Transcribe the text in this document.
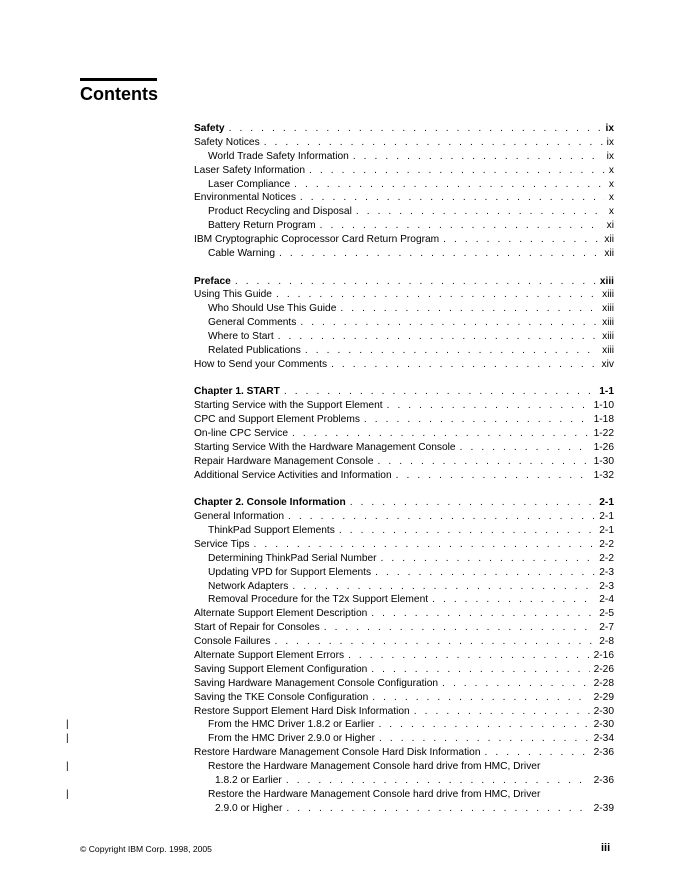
Contents
Safety . . .	ix
Safety Notices . . .	ix
World Trade Safety Information . . .	ix
Laser Safety Information . . .	x
Laser Compliance . . .	x
Environmental Notices . . .	x
Product Recycling and Disposal . . .	x
Battery Return Program . . .	xi
IBM Cryptographic Coprocessor Card Return Program . . .	xii
Cable Warning . . .	xii
Preface . . .	xiii
Using This Guide . . .	xiii
Who Should Use This Guide . . .	xiii
General Comments . . .	xiii
Where to Start . . .	xiii
Related Publications . . .	xiii
How to Send your Comments . . .	xiv
Chapter 1. START . . .	1-1
Starting Service with the Support Element . . .	1-10
CPC and Support Element Problems . . .	1-18
On-line CPC Service . . .	1-22
Starting Service With the Hardware Management Console . . .	1-26
Repair Hardware Management Console . . .	1-30
Additional Service Activities and Information . . .	1-32
Chapter 2. Console Information . . .	2-1
General Information . . .	2-1
ThinkPad Support Elements . . .	2-1
Service Tips . . .	2-2
Determining ThinkPad Serial Number . . .	2-2
Updating VPD for Support Elements . . .	2-3
Network Adapters . . .	2-3
Removal Procedure for the T2x Support Element . . .	2-4
Alternate Support Element Description . . .	2-5
Start of Repair for Consoles . . .	2-7
Console Failures . . .	2-8
Alternate Support Element Errors . . .	2-16
Saving Support Element Configuration . . .	2-26
Saving Hardware Management Console Configuration . . .	2-28
Saving the TKE Console Configuration . . .	2-29
Restore Support Element Hard Disk Information . . .	2-30
|	From the HMC Driver 1.8.2 or Earlier . . .	2-30
|	From the HMC Driver 2.9.0 or Higher . . .	2-34
Restore Hardware Management Console Hard Disk Information . . .	2-36
|	Restore the Hardware Management Console hard drive from HMC, Driver
1.8.2 or Earlier . . .	2-36
|	Restore the Hardware Management Console hard drive from HMC, Driver
2.9.0 or Higher . . .	2-39
© Copyright IBM Corp. 1998, 2005	iii
